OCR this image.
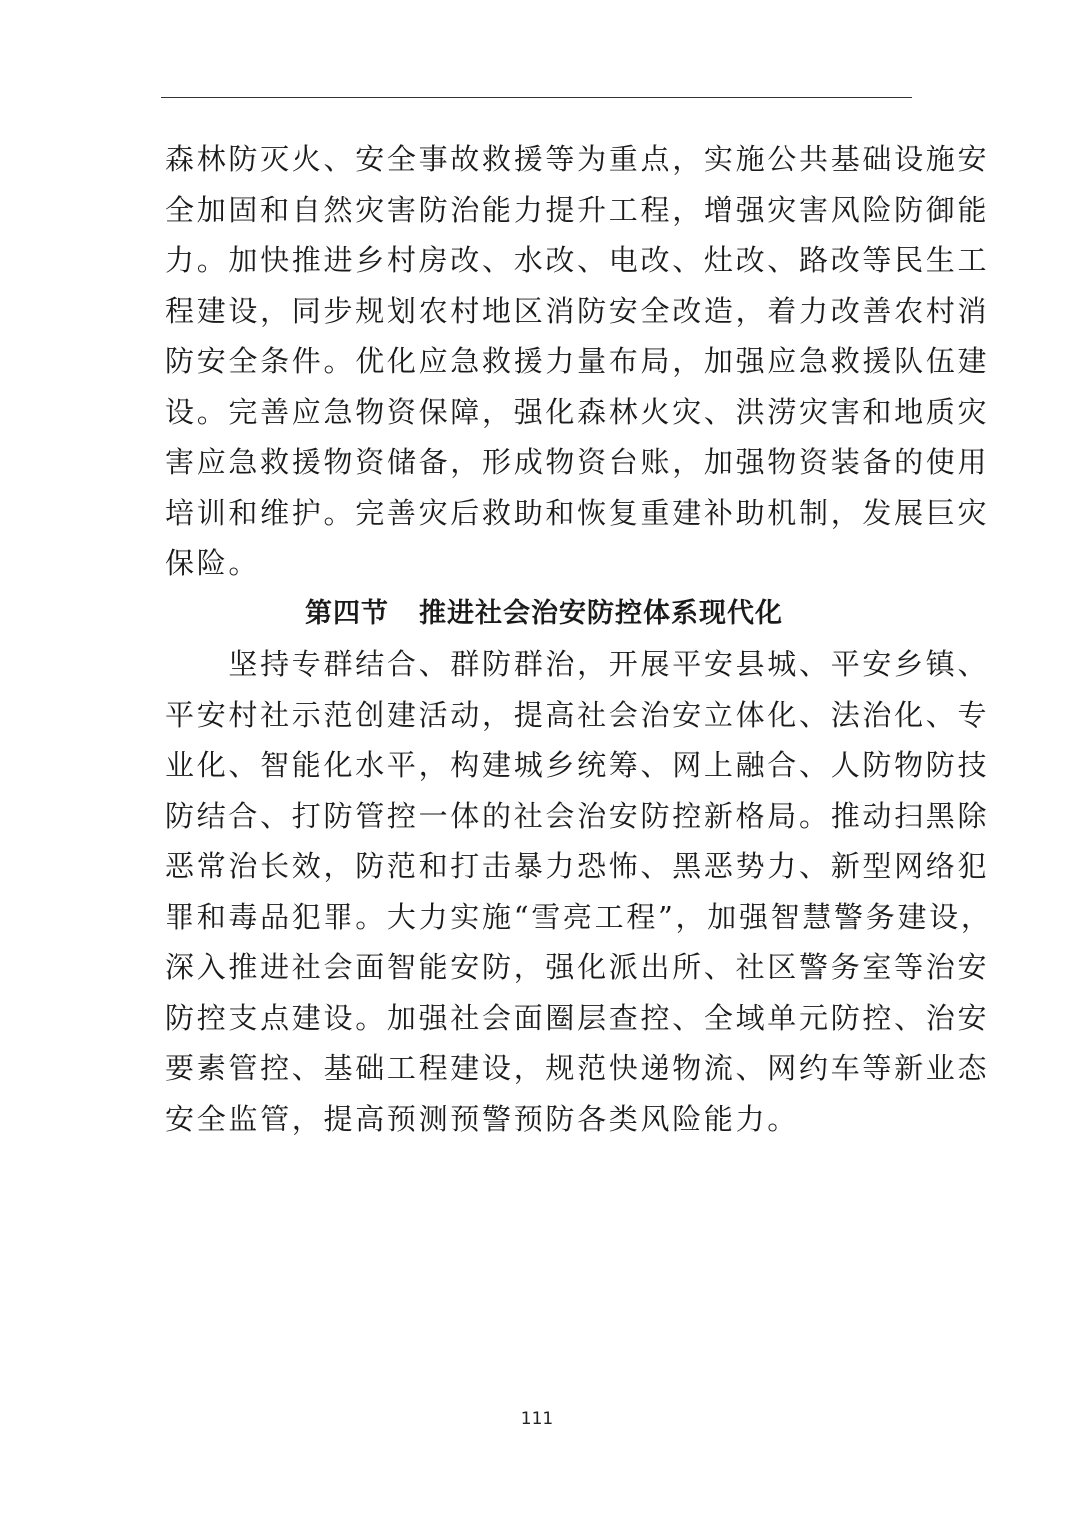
森林防灭火、安全事故救援等为重点，实施公共基础设施安
全加固和自然灾害防治能力提升工程，增强灾害风险防御能
力。加快推进乡村房改、水改、电改、灶改、路改等民生工
程建设，同步规划农村地区消防安全改造，着力改善农村消
防安全条件。优化应急救援力量布局，加强应急救援队伍建
设。完善应急物资保障，强化森林火灾、洪涝灾害和地质灾
害应急救援物资储备，形成物资台账，加强物资装备的使用
培训和维护。完善灾后救助和恢复重建补助机制，发展巨灾
保险。
第四节 推进社会治安防控体系现代化
　　坚持专群结合、群防群治，开展平安县城、平安乡镇、
平安村社示范创建活动，提高社会治安立体化、法治化、专
业化、智能化水平，构建城乡统筹、网上融合、人防物防技
防结合、打防管控一体的社会治安防控新格局。推动扫黑除
恶常治长效，防范和打击暴力恐怖、黑恶势力、新型网络犯
罪和毒品犯罪。大力实施“雪亮工程”，加强智慧警务建设，
深入推进社会面智能安防，强化派出所、社区警务室等治安
防控支点建设。加强社会面圈层查控、全域单元防控、治安
要素管控、基础工程建设，规范快递物流、网约车等新业态
安全监管，提高预测预警预防各类风险能力。
111
